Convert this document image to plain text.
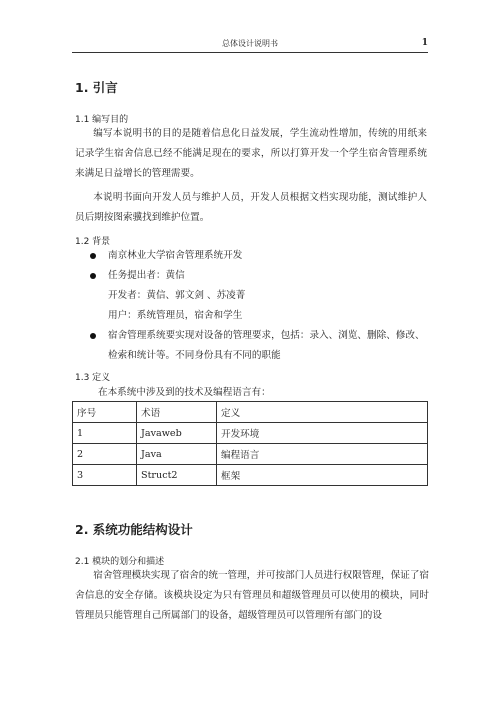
总体设计说明书	1
1. 引言
1.1 编写目的
编写本说明书的目的是随着信息化日益发展，学生流动性增加，传统的用纸来记录学生宿舍信息已经不能满足现在的要求，所以打算开发一个学生宿舍管理系统来满足日益增长的管理需要。
本说明书面向开发人员与维护人员，开发人员根据文档实现功能，测试维护人员后期按图索骥找到维护位置。
1.2 背景
南京林业大学宿舍管理系统开发
任务提出者：黄信
开发者：黄信、郭文剑 、苏凌菁
用户：系统管理员，宿舍和学生
宿舍管理系统要实现对设备的管理要求，包括：录入、浏览、删除、修改、检索和统计等。不同身份具有不同的职能
1.3 定义
在本系统中涉及到的技术及编程语言有：
序号	术语	定义
1	Javaweb	开发环境
2	Java	编程语言
3	Struct2	框架
2. 系统功能结构设计
2.1 模块的划分和描述
宿舍管理模块实现了宿舍的统一管理，并可按部门人员进行权限管理，保证了宿舍信息的安全存储。该模块设定为只有管理员和超级管理员可以使用的模块，同时管理员只能管理自己所属部门的设备，超级管理员可以管理所有部门的设
